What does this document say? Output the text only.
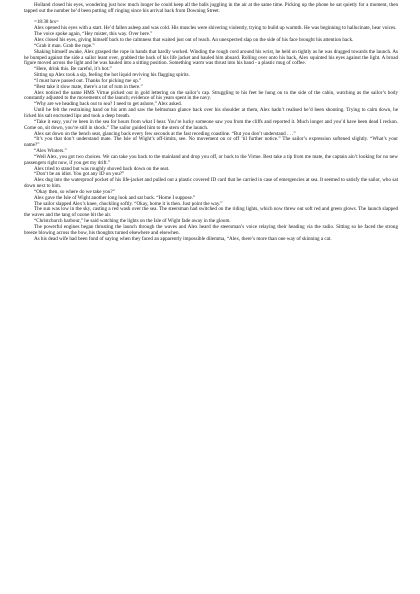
Holland closed his eyes, wondering just how much longer he could keep all the balls juggling in the air at the same time. Picking up the phone he sat quietly for a moment, then tapped out the number he’d been putting off ringing since his arrival back from Downing Street.

=18:38 hrs=

Alex opened his eyes with a start. He’d fallen asleep and was cold. His muscles were shivering violently, trying to build up warmth. He was beginning to hallucinate, hear voices.

The voice spoke again, “Hey mister, this way. Over here.”

Alex closed his eyes, giving himself back to the calmness that waited just out of reach. An unexpected slap on the side of his face brought his attention back.

“Grab it man. Grab the rope.”

Shaking himself awake, Alex grasped the rope in hands that hardly worked. Winding the rough cord around his wrist, he held on tightly as he was dragged towards the launch. As he bumped against the side a sailor leant over, grabbed the back of his life jacket and hauled him aboard. Rolling over onto his back, Alex squinted his eyes against the light. A broad figure moved across the light and he was hauled into a sitting position. Something warm was thrust into his hand - a plastic mug of coffee.

“Here, drink this. Be careful, it’s hot.”

Sitting up Alex took a sip, feeling the hot liquid reviving his flagging spirits.

“I must have passed out. Thanks for picking me up.”

“Best take it slow mate, there’s a tot of rum in there.”

Alex noticed the name HMS Virtue picked out in gold lettering on the sailor’s cap. Struggling to his feet he hung on to the side of the cabin, watching as the sailor’s body constantly adjusted to the movements of the launch; evidence of his years spent in the navy.

“Why are we heading back out to sea? I need to get ashore,” Alex asked.

Until he felt the restraining hand on his arm and saw the helmsman glance back over his shoulder at them, Alex hadn’t realised he’d been shouting. Trying to calm down, he licked his salt encrusted lips and took a deep breath.

“Take it easy, you’ve been in the sea for hours from what I hear. You’re lucky someone saw you from the cliffs and reported it. Much longer and you’d have been dead I reckon. Come on, sit down, you’re still in shock.” The sailor guided him to the stern of the launch.

Alex sat down on the bench seat, glancing back every few seconds at the fast receding coastline. “But you don’t understand . . .”

“It’s you that don’t understand mate. The Isle of Wight’s off-limits, see. No movement on or off ’til further notice.” The sailor’s expression softened slightly. “What’s your name?”

“Alex Winters.”

“Well Alex, you got two choices. We can take you back to the mainland and drop you off, or back to the Virtue. Best take a tip from me mate, the captain ain’t looking for no new passengers right now, if you get my drift.”

Alex tried to stand but was roughly shoved back down on the seat.

“Don’t be an idiot. You got any ID on you?”

Alex dug into the waterproof pocket of his life-jacket and pulled out a plastic covered ID card that he carried in case of emergencies at sea. It seemed to satisfy the sailor, who sat down next to him.

“Okay then, so where do we take you?”

Alex gave the Isle of Wight another long look and sat back. “Home I suppose.”

The sailor slapped Alex’s knee, chuckling softly. “Okay, home it is then. Just point the way.”

The sun was low in the sky, casting a red wash over the sea. The steersman had switched on the riding lights, which now threw out soft red and green glows. The launch slapped the waves and the tang of ozone bit the air.

“Christchurch harbour,” he said watching the lights on the Isle of Wight fade away in the gloom.

The powerful engines began thrusting the launch through the waves and Alex heard the steersman’s voice relaying their heading via the radio. Sitting so he faced the strong breeze blowing across the bow, his thoughts turned elsewhere and elsewhen.

As his dead wife had been fond of saying when they faced an apparently impossible dilemma, “Alex, there’s more than one way of skinning a cat.
